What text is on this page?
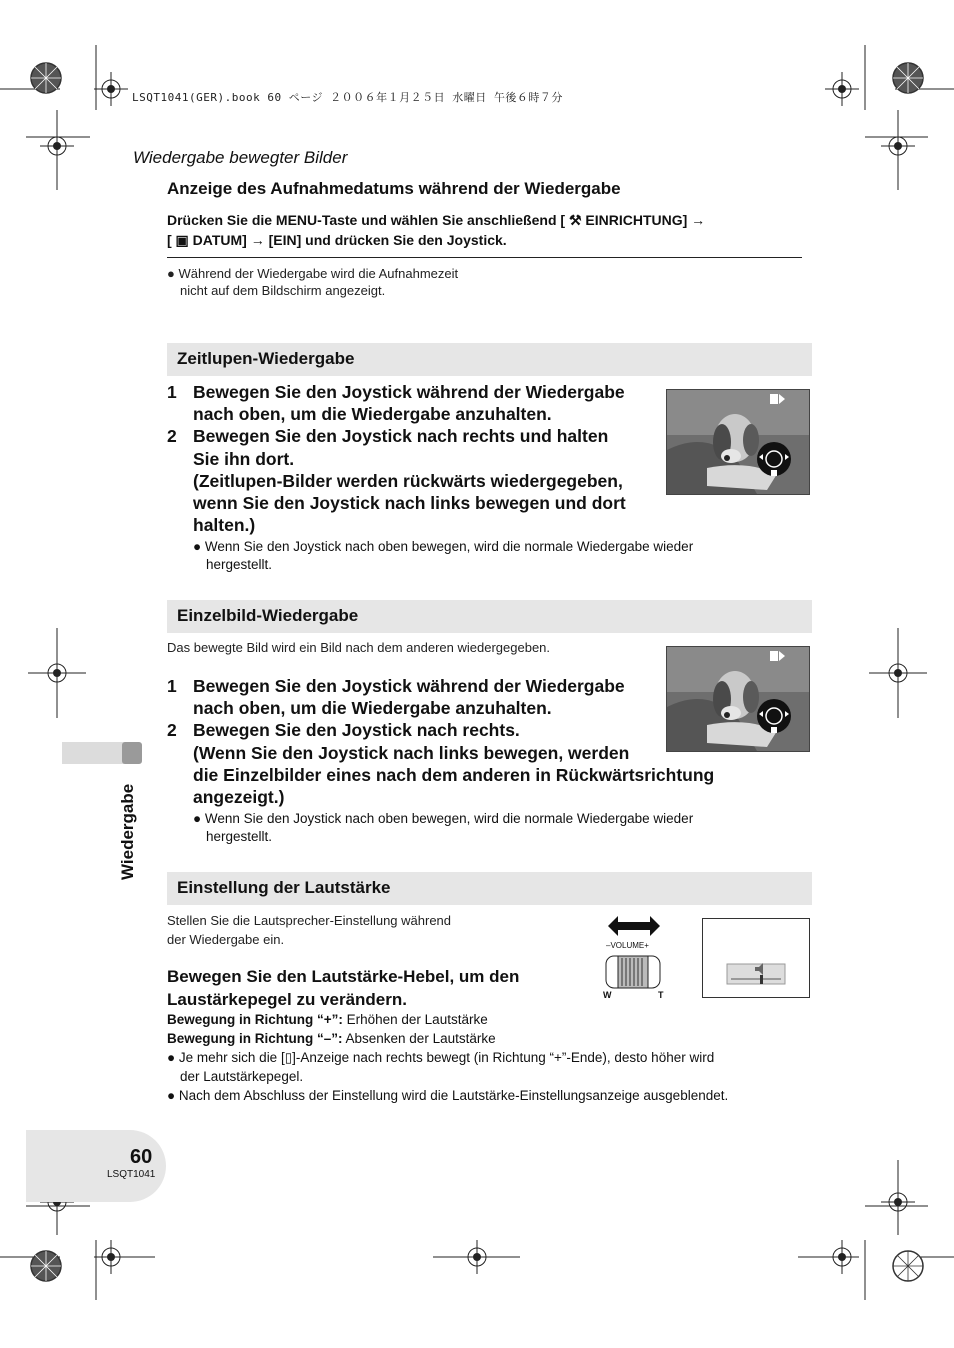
LSQT1041(GER).book 60 ページ ２００６年１月２５日 水曜日 午後６時７分
Wiedergabe bewegter Bilder
Anzeige des Aufnahmedatums während der Wiedergabe
Drücken Sie die MENU-Taste und wählen Sie anschließend [ ⚒ EINRICHTUNG] →
[ ▣ DATUM] → [EIN] und drücken Sie den Joystick.
● Während der Wiedergabe wird die Aufnahmezeit
nicht auf dem Bildschirm angezeigt.
Zeitlupen-Wiedergabe
1 Bewegen Sie den Joystick während der Wiedergabe
nach oben, um die Wiedergabe anzuhalten.
2 Bewegen Sie den Joystick nach rechts und halten
Sie ihn dort.
(Zeitlupen-Bilder werden rückwärts wiedergegeben,
wenn Sie den Joystick nach links bewegen und dort
halten.)
● Wenn Sie den Joystick nach oben bewegen, wird die normale Wiedergabe wieder
hergestellt.
Einzelbild-Wiedergabe
Das bewegte Bild wird ein Bild nach dem anderen wiedergegeben.
1 Bewegen Sie den Joystick während der Wiedergabe
nach oben, um die Wiedergabe anzuhalten.
2 Bewegen Sie den Joystick nach rechts.
(Wenn Sie den Joystick nach links bewegen, werden
die Einzelbilder eines nach dem anderen in Rückwärtsrichtung
angezeigt.)
● Wenn Sie den Joystick nach oben bewegen, wird die normale Wiedergabe wieder
hergestellt.
Wiedergabe
Einstellung der Lautstärke
Stellen Sie die Lautsprecher-Einstellung während
der Wiedergabe ein.
Bewegen Sie den Lautstärke-Hebel, um den
Laustärkepegel zu verändern.
Bewegung in Richtung “+”: Erhöhen der Lautstärke
Bewegung in Richtung “–”: Absenken der Lautstärke
● Je mehr sich die [▯]-Anzeige nach rechts bewegt (in Richtung “+”-Ende), desto höher wird
der Lautstärkepegel.
● Nach dem Abschluss der Einstellung wird die Lautstärke-Einstellungsanzeige ausgeblendet.
–VOLUME+
W	T
60
LSQT1041
